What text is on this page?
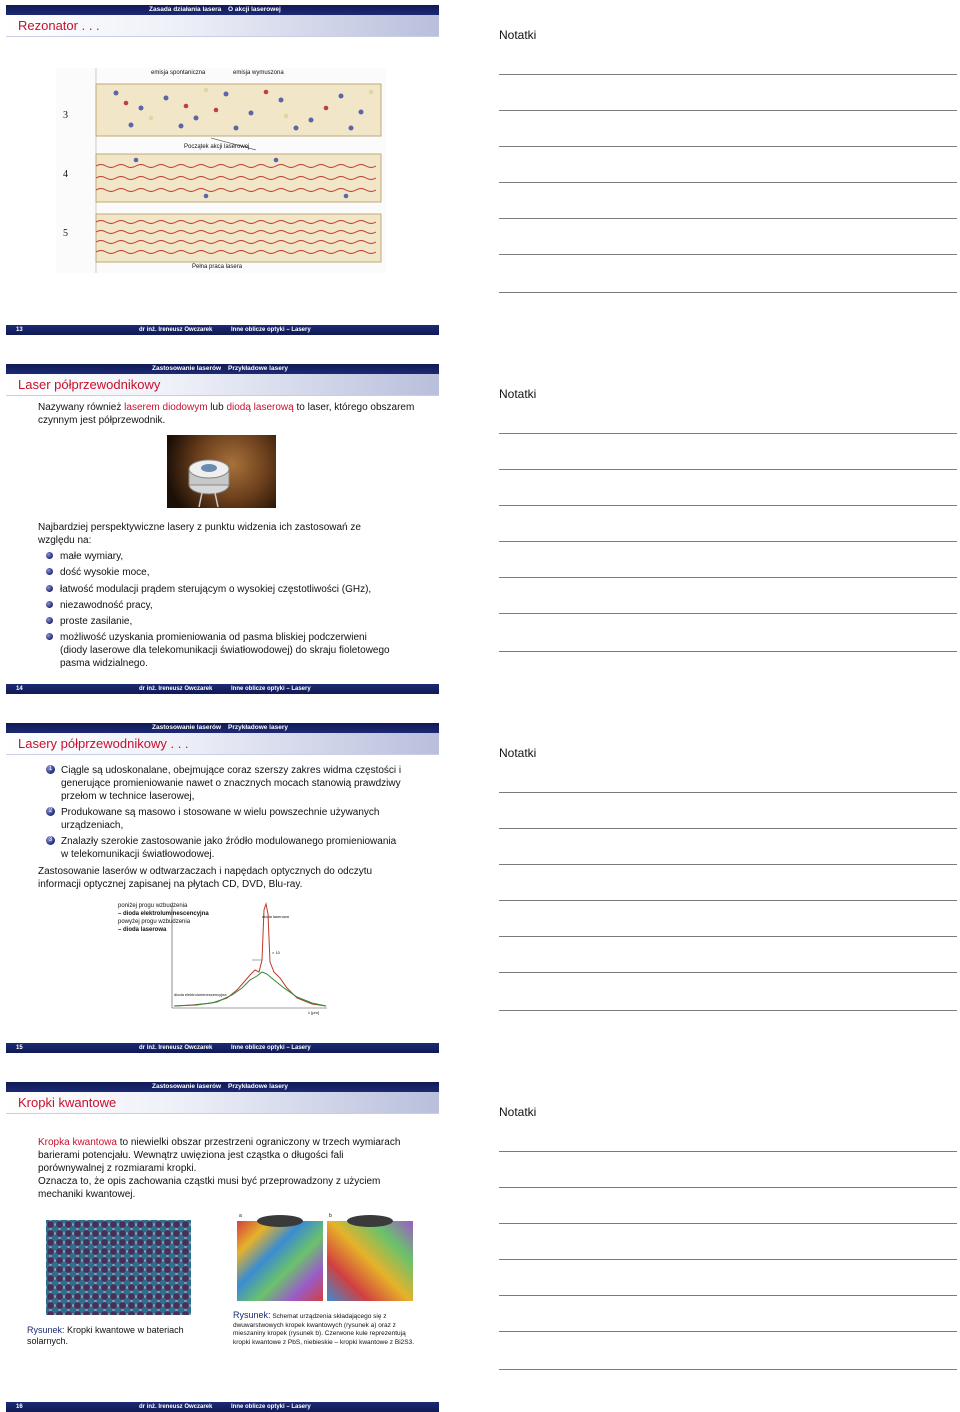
Zasada działania lasera O akcji laserowej
Rezonator . . .
emisja spontaniczna	emisja wymuszona
3
4
5
Początek akcji laserowej
Pełna praca lasera
13	dr inż. Ireneusz Owczarek	Inne oblicze optyki – Lasery
Notatki
Zastosowanie laserów Przykładowe lasery
Laser półprzewodnikowy
Nazywany również laserem diodowym lub diodą laserową to laser, którego obszarem czynnym jest półprzewodnik.
Najbardziej perspektywiczne lasery z punktu widzenia ich zastosowań ze względu na:
małe wymiary,
dość wysokie moce,
łatwość modulacji prądem sterującym o wysokiej częstotliwości (GHz),
niezawodność pracy,
proste zasilanie,
możliwość uzyskania promieniowania od pasma bliskiej podczerwieni (diody laserowe dla telekomunikacji światłowodowej) do skraju fioletowego pasma widzialnego.
14	dr inż. Ireneusz Owczarek	Inne oblicze optyki – Lasery
Notatki
Zastosowanie laserów Przykładowe lasery
Lasery półprzewodnikowy . . .
1 Ciągle są udoskonalane, obejmujące coraz szerszy zakres widma częstości i generujące promieniowanie nawet o znacznych mocach stanowią prawdziwy przełom w technice laserowej,
2 Produkowane są masowo i stosowane w wielu powszechnie używanych urządzeniach,
3 Znalazły szerokie zastosowanie jako źródło modulowanego promieniowania w telekomunikacji światłowodowej.
Zastosowanie laserów w odtwarzaczach i napędach optycznych do odczytu informacji optycznej zapisanej na płytach CD, DVD, Blu-ray.
poniżej progu wzbudzenia
– dioda elektroluminescencyjna
powyżej progu wzbudzenia
– dioda laserowa
dioda laserowa
× 10
dioda elektroluminescencyjna
λ [μm]
15	dr inż. Ireneusz Owczarek	Inne oblicze optyki – Lasery
Notatki
Zastosowanie laserów Przykładowe lasery
Kropki kwantowe
Kropka kwantowa to niewielki obszar przestrzeni ograniczony w trzech wymiarach barierami potencjału. Wewnątrz uwięziona jest cząstka o długości fali porównywalnej z rozmiarami kropki.
Oznacza to, że opis zachowania cząstki musi być przeprowadzony z użyciem mechaniki kwantowej.
a	b
Rysunek: Kropki kwantowe w bateriach solarnych.
Rysunek: Schemat urządzenia składającego się z dwuwarstwowych kropek kwantowych (rysunek a) oraz z mieszaniny kropek (rysunek b). Czerwone kule reprezentują kropki kwantowe z PbS, niebieskie – kropki kwantowe z Bi2S3.
16	dr inż. Ireneusz Owczarek	Inne oblicze optyki – Lasery
Notatki
